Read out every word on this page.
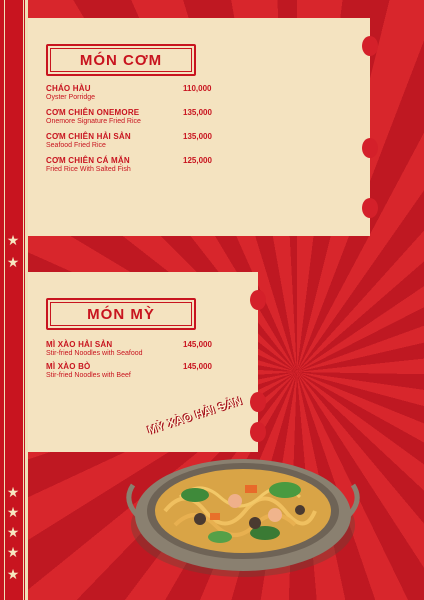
★
★
★
★
★
★
★
MÓN CƠM
CHÁO HÀU
Oyster Porridge
110,000
CƠM CHIÊN ONEMORE
Onemore Signature Fried Rice
135,000
CƠM CHIÊN HẢI SẢN
Seafood Fried Rice
135,000
CƠM CHIÊN CÁ MẶN
Fried Rice With Salted Fish
125,000
MÓN MỲ
MÌ XÀO HẢI SẢN
Stir-fried Noodles with Seafood
145,000
MÌ XÀO BÒ
Stir-fried Noodles with Beef
145,000
MỲ XÀO HẢI SẢN
